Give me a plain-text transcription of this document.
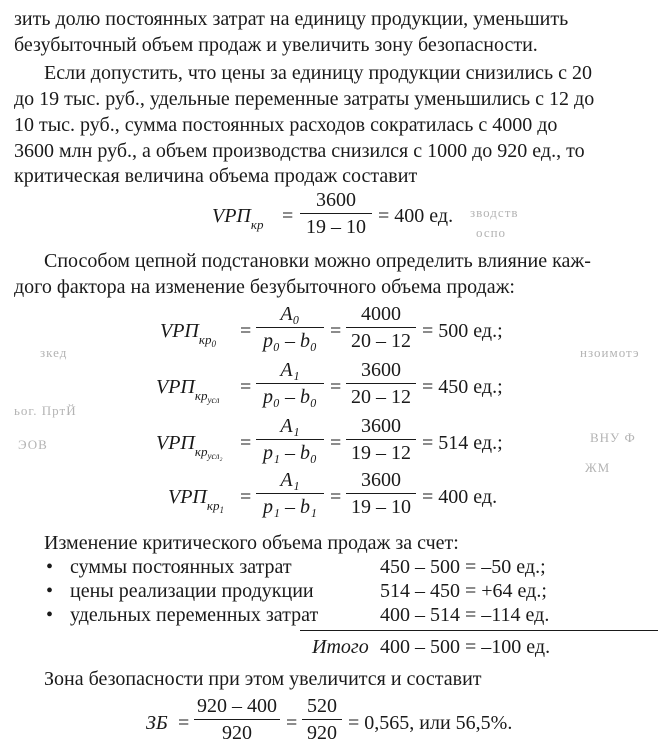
зводств
оспо
зкед	нзоимотэ
ьог. ПртЙ
ВНУ Ф
ЭОВ
ЖМ
зить долю постоянных затрат на единицу продукции, уменьшить
безубыточный объем продаж и увеличить зону безопасности.
Если допустить, что цены за единицу продукции снизились с 20
до 19 тыс. руб., удельные переменные затраты уменьшились с 12 до
10 тыс. руб., сумма постоянных расходов сократилась с 4000 до
3600 млн руб., а объем производства снизился с 1000 до 920 ед., то
критическая величина объема продаж составит
$VРП_{кр}$ =
3600
19 – 10 = 400 ед.
Способом цепной подстановки можно определить влияние каж-
дого фактора на изменение безубыточного объема продаж:
$VРП_{кр0}$
=
A₀
p₀ – b₀ =
4000
20 – 12 = 500 ед.;
$VРП_{крусл}$
=
A₁
p₀ – b₀ =
3600
20 – 12 = 450 ед.;
$VРП_{крусл_2}$
=
A₁
p₁ – b₀ =
3600
19 – 12 = 514 ед.;
$VРП_{кр1}$
=
A₁
p₁ – b₁ =
3600
19 – 10 = 400 ед.
Изменение критического объема продаж за счет:
• суммы постоянных затрат	450 – 500 = –50 ед.;
• цены реализации продукции	514 – 450 = +64 ед.;
• удельных переменных затрат	400 – 514 = –114 ед.
Итого 400 – 500 = –100 ед.
Зона безопасности при этом увеличится и составит
ЗБ =
920 – 400
920	=
520
920 = 0,565, или 56,5%.
